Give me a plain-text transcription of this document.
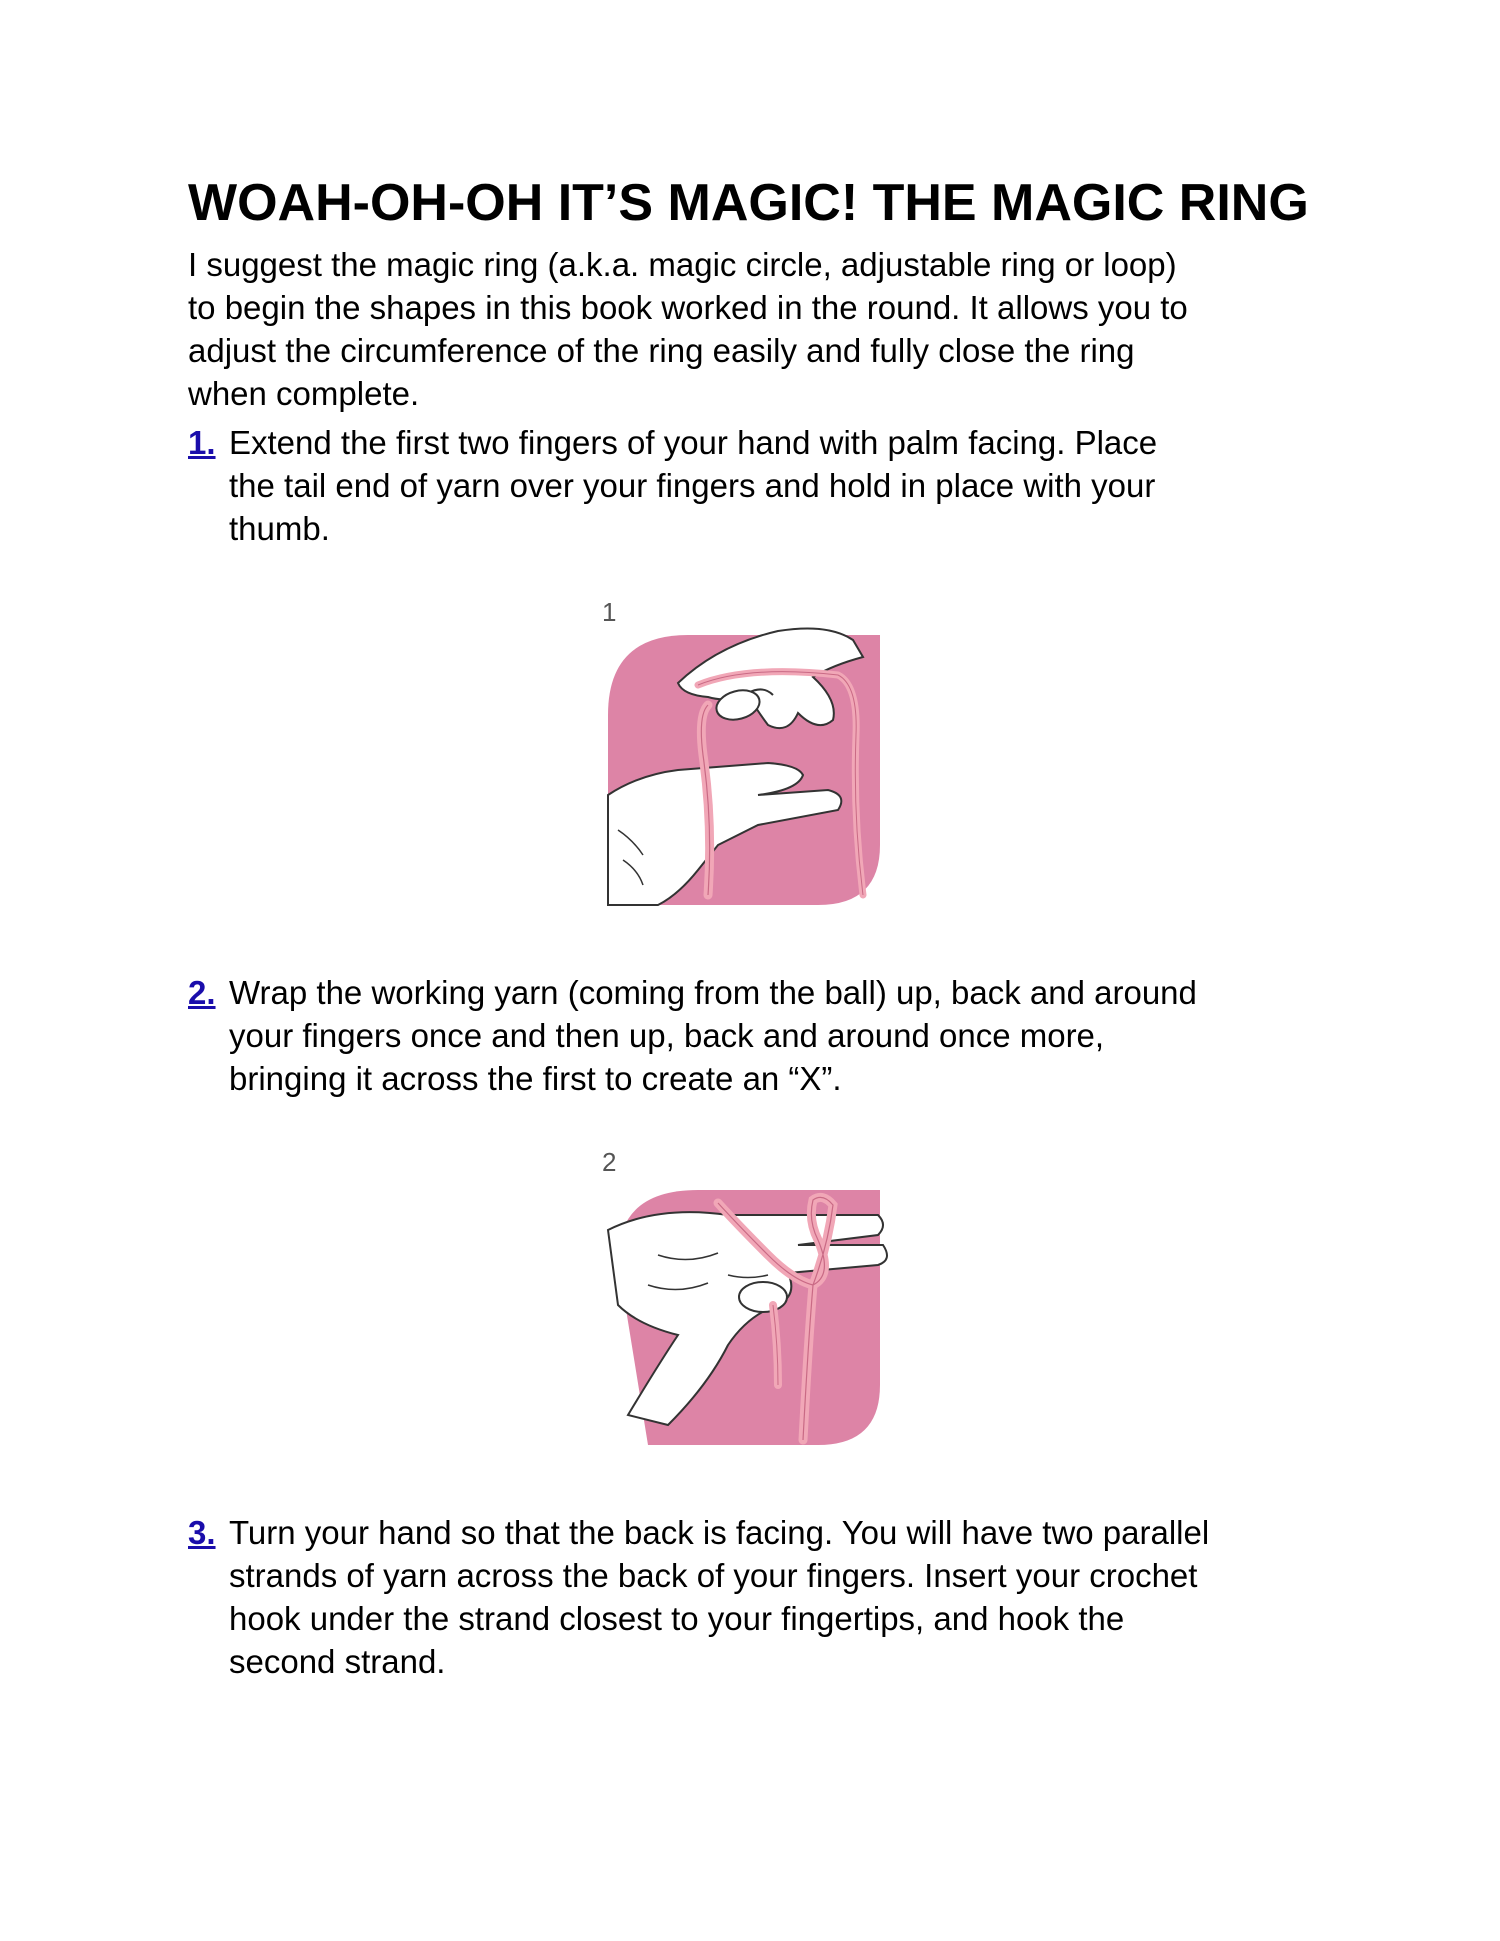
WOAH-OH-OH IT’S MAGIC! THE MAGIC RING

I suggest the magic ring (a.k.a. magic circle, adjustable ring or loop)
to begin the shapes in this book worked in the round. It allows you to
adjust the circumference of the ring easily and fully close the ring
when complete.

1. Extend the first two fingers of your hand with palm facing. Place
the tail end of yarn over your fingers and hold in place with your
thumb.
1
2. Wrap the working yarn (coming from the ball) up, back and around
your fingers once and then up, back and around once more,
bringing it across the first to create an “X”.
2
3. Turn your hand so that the back is facing. You will have two parallel
strands of yarn across the back of your fingers. Insert your crochet
hook under the strand closest to your fingertips, and hook the
second strand.
